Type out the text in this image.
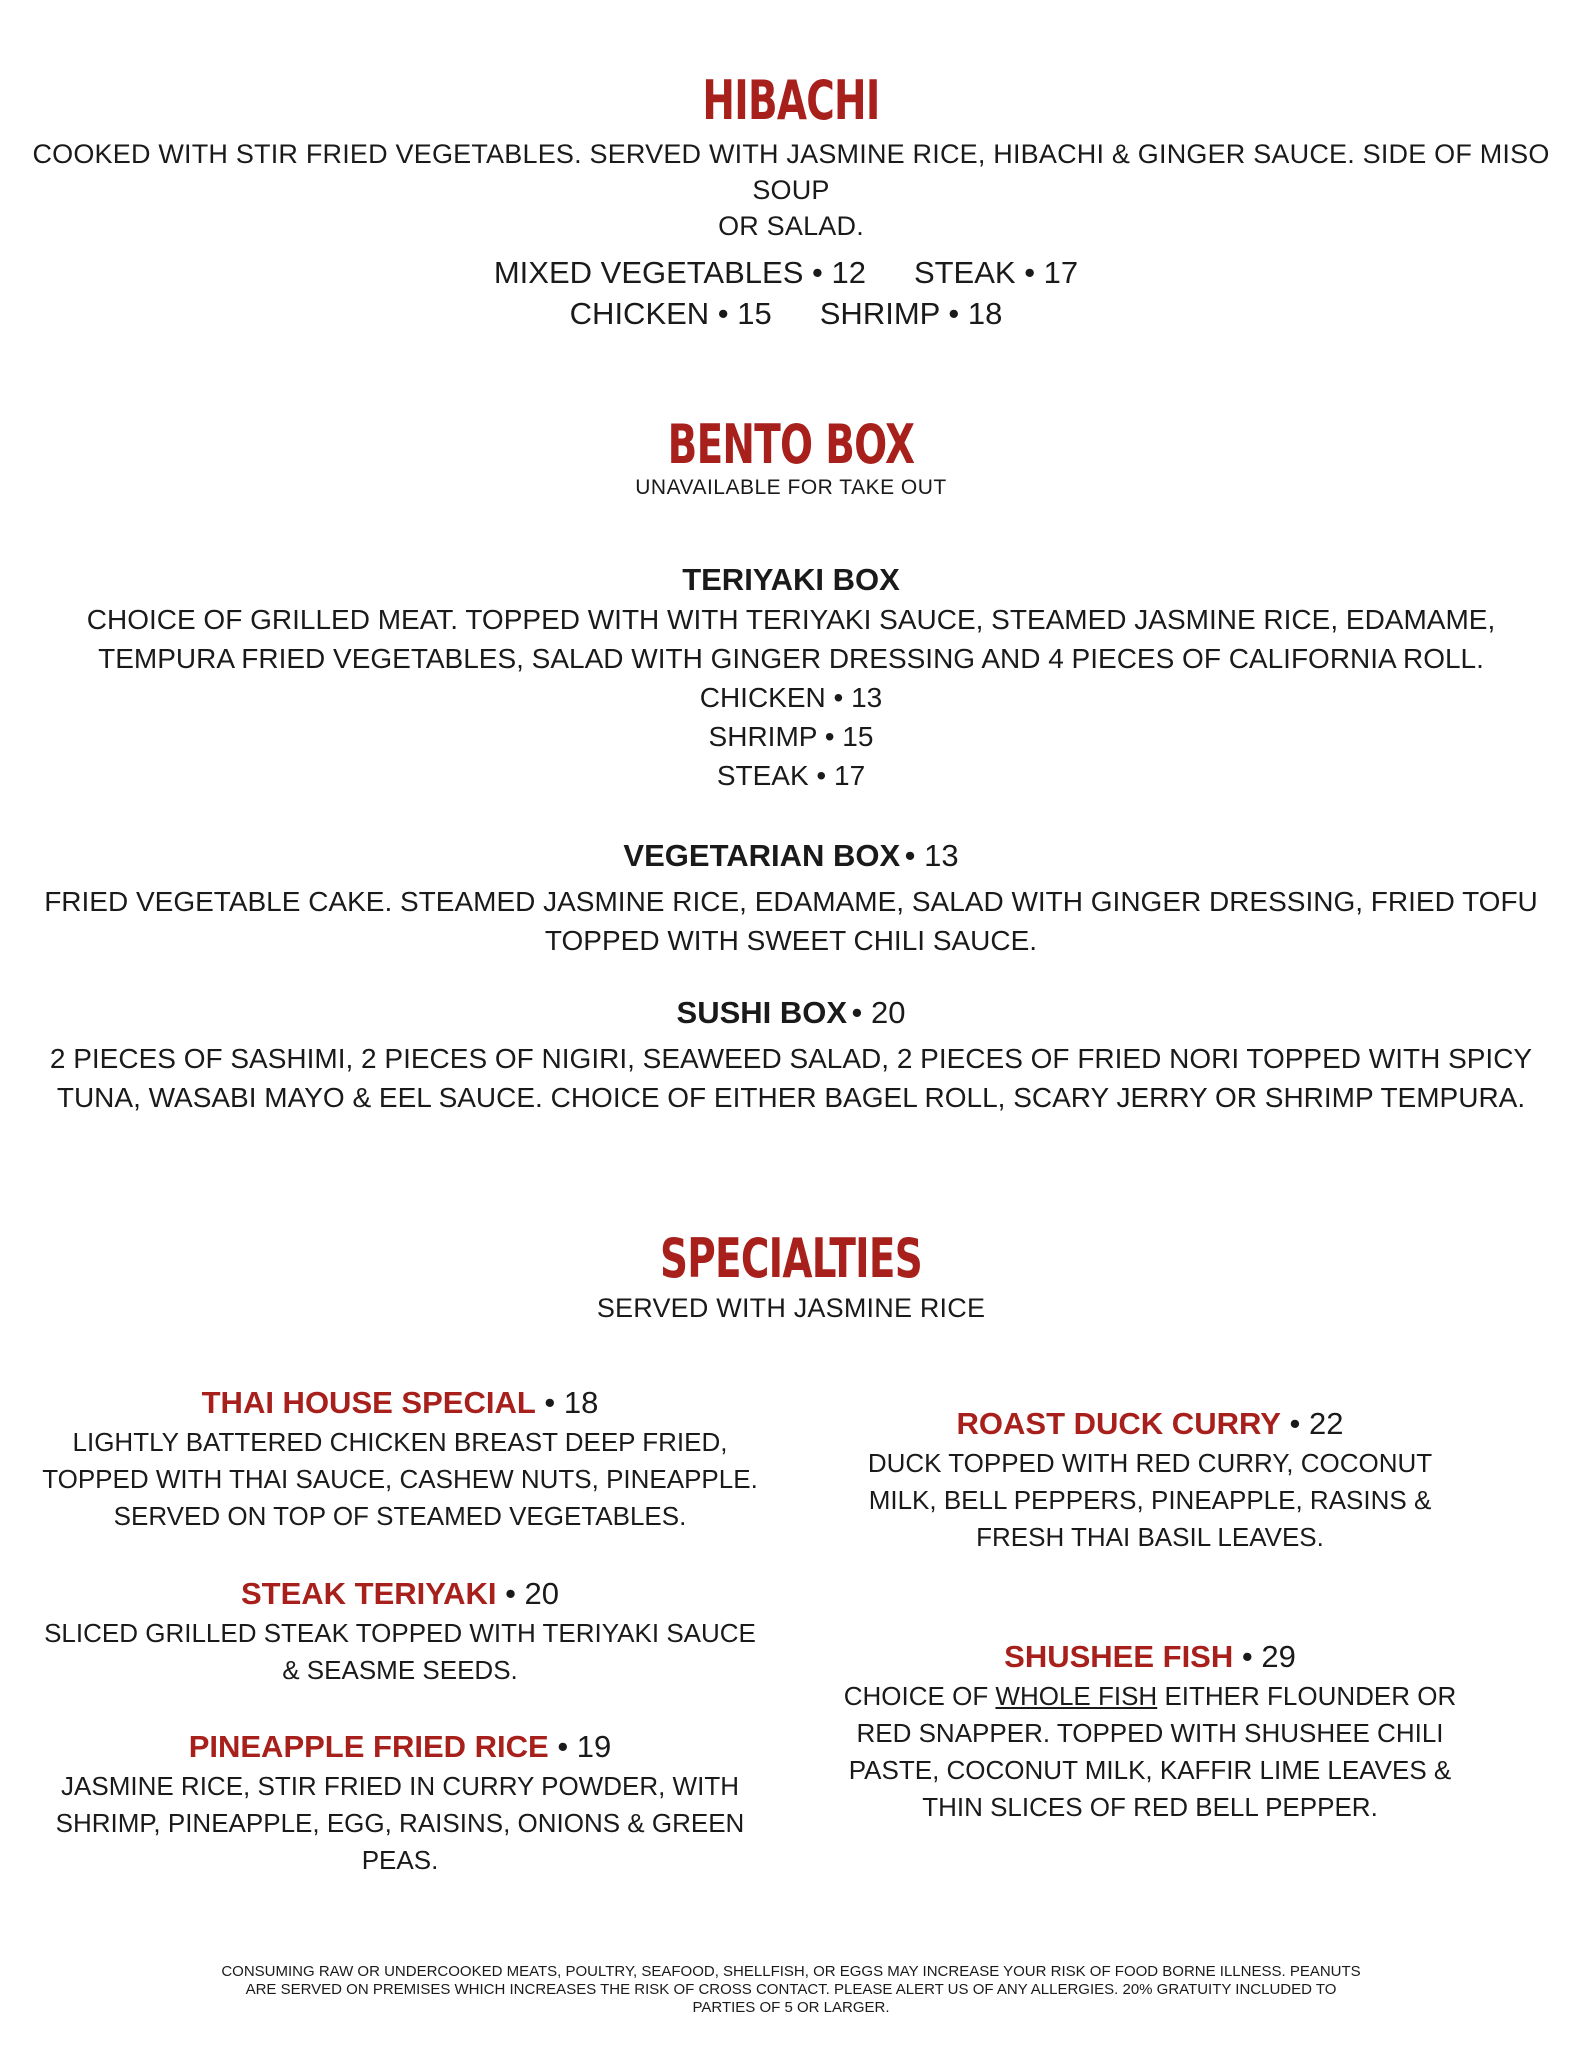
HIBACHI
COOKED WITH STIR FRIED VEGETABLES. SERVED WITH JASMINE RICE, HIBACHI & GINGER SAUCE. SIDE OF MISO SOUP
OR SALAD.
MIXED VEGETABLES • 12 STEAK • 17
CHICKEN • 15 SHRIMP • 18
BENTO BOX
UNAVAILABLE FOR TAKE OUT
TERIYAKI BOX
CHOICE OF GRILLED MEAT. TOPPED WITH WITH TERIYAKI SAUCE, STEAMED JASMINE RICE, EDAMAME,
TEMPURA FRIED VEGETABLES, SALAD WITH GINGER DRESSING AND 4 PIECES OF CALIFORNIA ROLL.
CHICKEN • 13
SHRIMP • 15
STEAK • 17
VEGETARIAN BOX • 13
FRIED VEGETABLE CAKE. STEAMED JASMINE RICE, EDAMAME, SALAD WITH GINGER DRESSING, FRIED TOFU
TOPPED WITH SWEET CHILI SAUCE.
SUSHI BOX • 20
2 PIECES OF SASHIMI, 2 PIECES OF NIGIRI, SEAWEED SALAD, 2 PIECES OF FRIED NORI TOPPED WITH SPICY
TUNA, WASABI MAYO & EEL SAUCE. CHOICE OF EITHER BAGEL ROLL, SCARY JERRY OR SHRIMP TEMPURA.
SPECIALTIES
SERVED WITH JASMINE RICE
THAI HOUSE SPECIAL • 18
LIGHTLY BATTERED CHICKEN BREAST DEEP FRIED,
TOPPED WITH THAI SAUCE, CASHEW NUTS, PINEAPPLE.
SERVED ON TOP OF STEAMED VEGETABLES.
STEAK TERIYAKI • 20
SLICED GRILLED STEAK TOPPED WITH TERIYAKI SAUCE
& SEASME SEEDS.
PINEAPPLE FRIED RICE • 19
JASMINE RICE, STIR FRIED IN CURRY POWDER, WITH
SHRIMP, PINEAPPLE, EGG, RAISINS, ONIONS & GREEN
PEAS.
ROAST DUCK CURRY • 22
DUCK TOPPED WITH RED CURRY, COCONUT
MILK, BELL PEPPERS, PINEAPPLE, RASINS &
FRESH THAI BASIL LEAVES.
SHUSHEE FISH • 29
CHOICE OF WHOLE FISH EITHER FLOUNDER OR
RED SNAPPER. TOPPED WITH SHUSHEE CHILI
PASTE, COCONUT MILK, KAFFIR LIME LEAVES &
THIN SLICES OF RED BELL PEPPER.
CONSUMING RAW OR UNDERCOOKED MEATS, POULTRY, SEAFOOD, SHELLFISH, OR EGGS MAY INCREASE YOUR RISK OF FOOD BORNE ILLNESS. PEANUTS
ARE SERVED ON PREMISES WHICH INCREASES THE RISK OF CROSS CONTACT. PLEASE ALERT US OF ANY ALLERGIES. 20% GRATUITY INCLUDED TO
PARTIES OF 5 OR LARGER.
